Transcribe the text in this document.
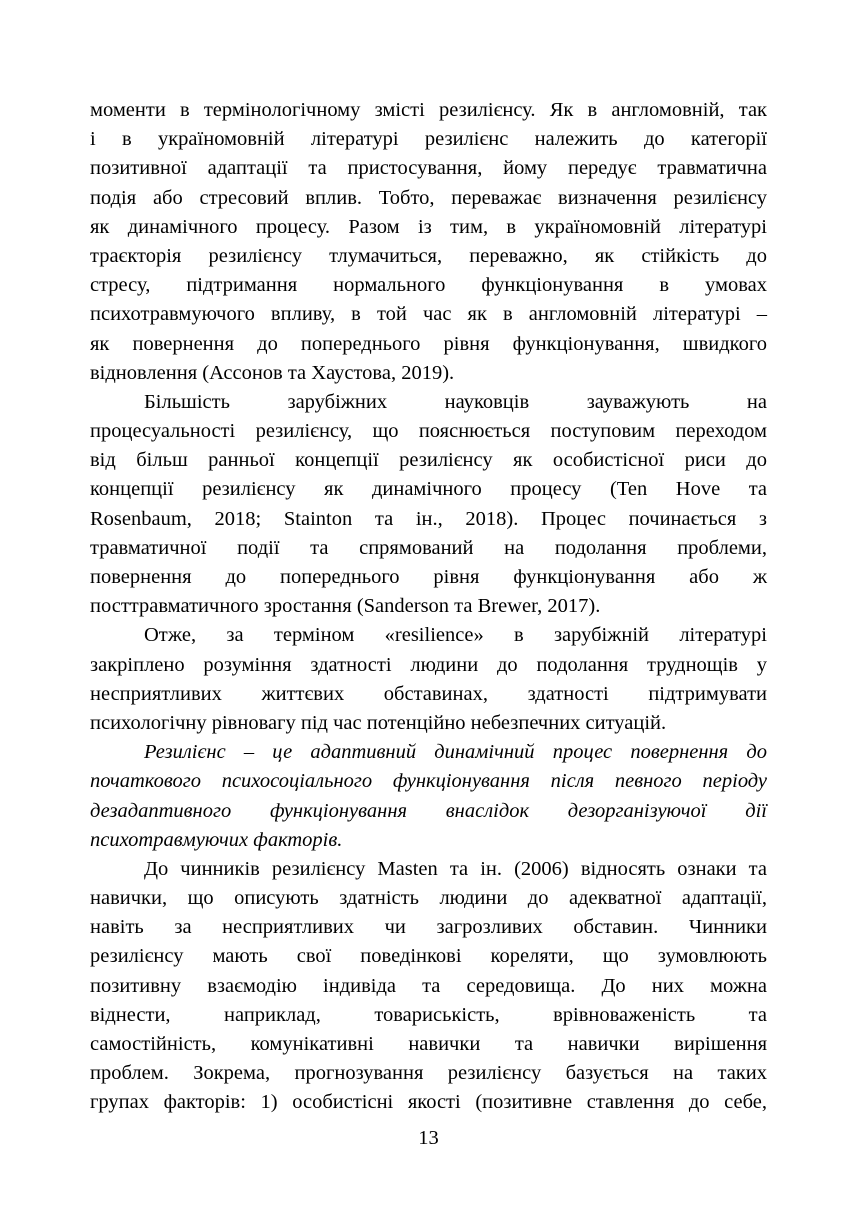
моменти в термінологічному змісті резилієнсу. Як в англомовній, так
і в україномовній літературі резилієнс належить до категорії
позитивної адаптації та пристосування, йому передує травматична
подія або стресовий вплив. Тобто, переважає визначення резилієнсу
як динамічного процесу. Разом із тим, в україномовній літературі
траєкторія резилієнсу тлумачиться, переважно, як стійкість до
стресу, підтримання нормального функціонування в умовах
психотравмуючого впливу, в той час як в англомовній літературі –
як повернення до попереднього рівня функціонування, швидкого
відновлення (Ассонов та Хаустова, 2019).
Більшість зарубіжних науковців зауважують на
процесуальності резилієнсу, що пояснюється поступовим переходом
від більш ранньої концепції резилієнсу як особистісної риси до
концепції резилієнсу як динамічного процесу (Ten Hove та
Rosenbaum, 2018; Stainton та ін., 2018). Процес починається з
травматичної події та спрямований на подолання проблеми,
повернення до попереднього рівня функціонування або ж
посттравматичного зростання (Sanderson та Brewer, 2017).
Отже, за терміном «resilience» в зарубіжній літературі
закріплено розуміння здатності людини до подолання труднощів у
несприятливих життєвих обставинах, здатності підтримувати
психологічну рівновагу під час потенційно небезпечних ситуацій.
Резилієнс – це адаптивний динамічний процес повернення до
початкового психосоціального функціонування після певного періоду
дезадаптивного функціонування внаслідок дезорганізуючої дії
психотравмуючих факторів.
До чинників резилієнсу Masten та ін. (2006) відносять ознаки та
навички, що описують здатність людини до адекватної адаптації,
навіть за несприятливих чи загрозливих обставин. Чинники
резилієнсу мають свої поведінкові кореляти, що зумовлюють
позитивну взаємодію індивіда та середовища. До них можна
віднести, наприклад, товариськість, врівноваженість та
самостійність, комунікативні навички та навички вирішення
проблем. Зокрема, прогнозування резилієнсу базується на таких
групах факторів: 1) особистісні якості (позитивне ставлення до себе,
13
